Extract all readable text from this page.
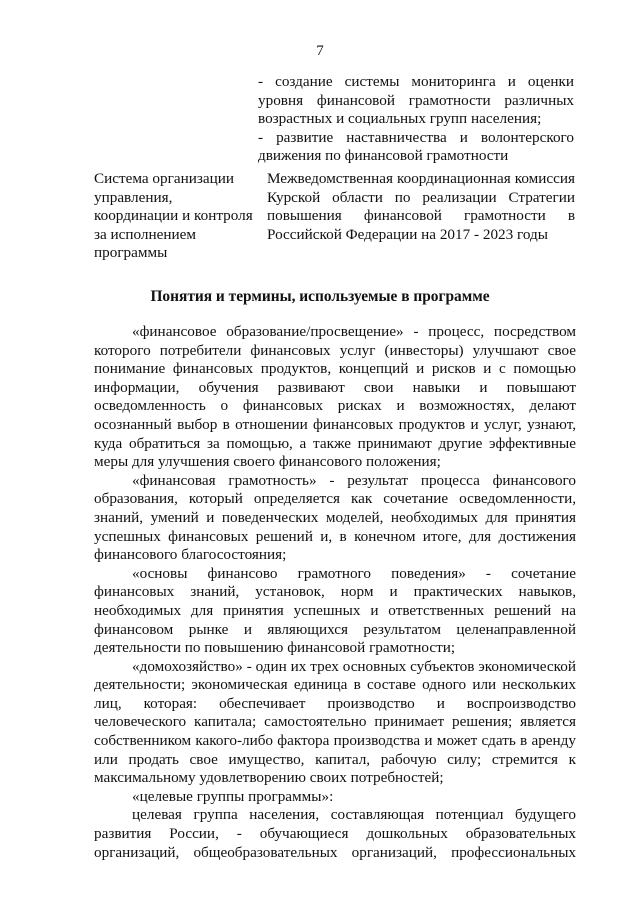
7

- создание системы мониторинга и оценки уровня финансовой грамотности различных возрастных и социальных групп населения;

- развитие наставничества и волонтерского движения по финансовой грамотности

Система организации
управления,
координации и контроля
за исполнением
программы
Межведомственная координационная комиссия Курской области по реализации Стратегии повышения финансовой грамотности в Российской Федерации на 2017 - 2023 годы
Понятия и термины, используемые в программе

«финансовое образование/просвещение» - процесс, посредством которого потребители финансовых услуг (инвесторы) улучшают свое понимание финансовых продуктов, концепций и рисков и с помощью информации, обучения развивают свои навыки и повышают осведомленность о финансовых рисках и возможностях, делают осознанный выбор в отношении финансовых продуктов и услуг, узнают, куда обратиться за помощью, а также принимают другие эффективные меры для улучшения своего финансового положения;

«финансовая грамотность» - результат процесса финансового образования, который определяется как сочетание осведомленности, знаний, умений и поведенческих моделей, необходимых для принятия успешных финансовых решений и, в конечном итоге, для достижения финансового благосостояния;

«основы финансово грамотного поведения» - сочетание финансовых знаний, установок, норм и практических навыков, необходимых для принятия успешных и ответственных решений на финансовом рынке и являющихся результатом целенаправленной деятельности по повышению финансовой грамотности;

«домохозяйство» - один их трех основных субъектов экономической деятельности; экономическая единица в составе одного или нескольких лиц, которая: обеспечивает производство и воспроизводство человеческого капитала; самостоятельно принимает решения; является собственником какого-либо фактора производства и может сдать в аренду или продать свое имущество, капитал, рабочую силу; стремится к максимальному удовлетворению своих потребностей;

«целевые группы программы»:

целевая группа населения, составляющая потенциал будущего развития России, - обучающиеся дошкольных образовательных организаций, общеобразовательных организаций, профессиональных
